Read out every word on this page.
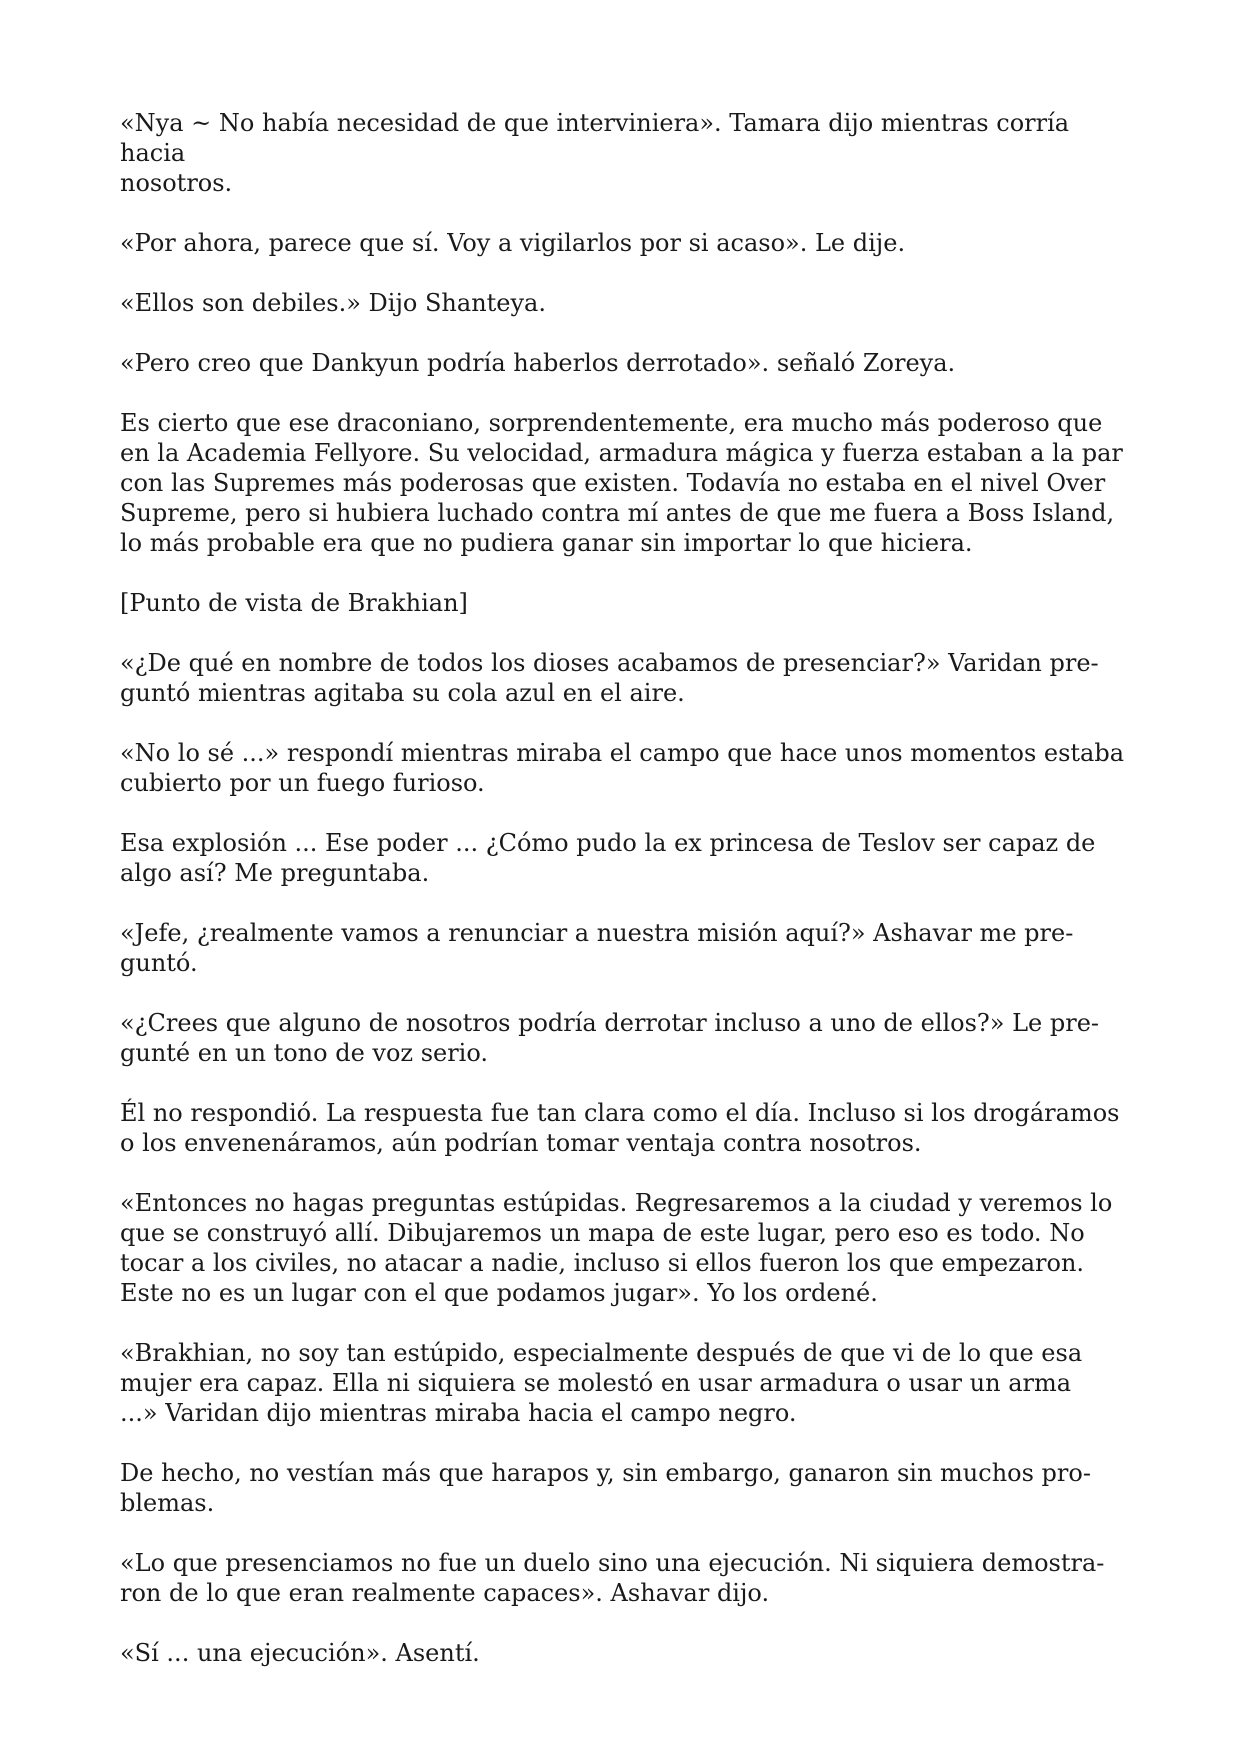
«Nya ~ No había necesidad de que interviniera». Tamara dijo mientras corría hacia
nosotros.

«Por ahora, parece que sí. Voy a vigilarlos por si acaso». Le dije.

«Ellos son debiles.» Dijo Shanteya.

«Pero creo que Dankyun podría haberlos derrotado». señaló Zoreya.

Es cierto que ese draconiano, sorprendentemente, era mucho más poderoso que
en la Academia Fellyore. Su velocidad, armadura mágica y fuerza estaban a la par
con las Supremes más poderosas que existen. Todavía no estaba en el nivel Over
Supreme, pero si hubiera luchado contra mí antes de que me fuera a Boss Island,
lo más probable era que no pudiera ganar sin importar lo que hiciera.

[Punto de vista de Brakhian]

«¿De qué en nombre de todos los dioses acabamos de presenciar?» Varidan pre-
guntó mientras agitaba su cola azul en el aire.

«No lo sé ...» respondí mientras miraba el campo que hace unos momentos estaba
cubierto por un fuego furioso.

Esa explosión ... Ese poder ... ¿Cómo pudo la ex princesa de Teslov ser capaz de
algo así? Me preguntaba.

«Jefe, ¿realmente vamos a renunciar a nuestra misión aquí?» Ashavar me pre-
guntó.

«¿Crees que alguno de nosotros podría derrotar incluso a uno de ellos?» Le pre-
gunté en un tono de voz serio.

Él no respondió. La respuesta fue tan clara como el día. Incluso si los drogáramos
o los envenenáramos, aún podrían tomar ventaja contra nosotros.

«Entonces no hagas preguntas estúpidas. Regresaremos a la ciudad y veremos lo
que se construyó allí. Dibujaremos un mapa de este lugar, pero eso es todo. No
tocar a los civiles, no atacar a nadie, incluso si ellos fueron los que empezaron.
Este no es un lugar con el que podamos jugar». Yo los ordené.

«Brakhian, no soy tan estúpido, especialmente después de que vi de lo que esa
mujer era capaz. Ella ni siquiera se molestó en usar armadura o usar un arma
...» Varidan dijo mientras miraba hacia el campo negro.

De hecho, no vestían más que harapos y, sin embargo, ganaron sin muchos pro-
blemas.

«Lo que presenciamos no fue un duelo sino una ejecución. Ni siquiera demostra-
ron de lo que eran realmente capaces». Ashavar dijo.

«Sí ... una ejecución». Asentí.
